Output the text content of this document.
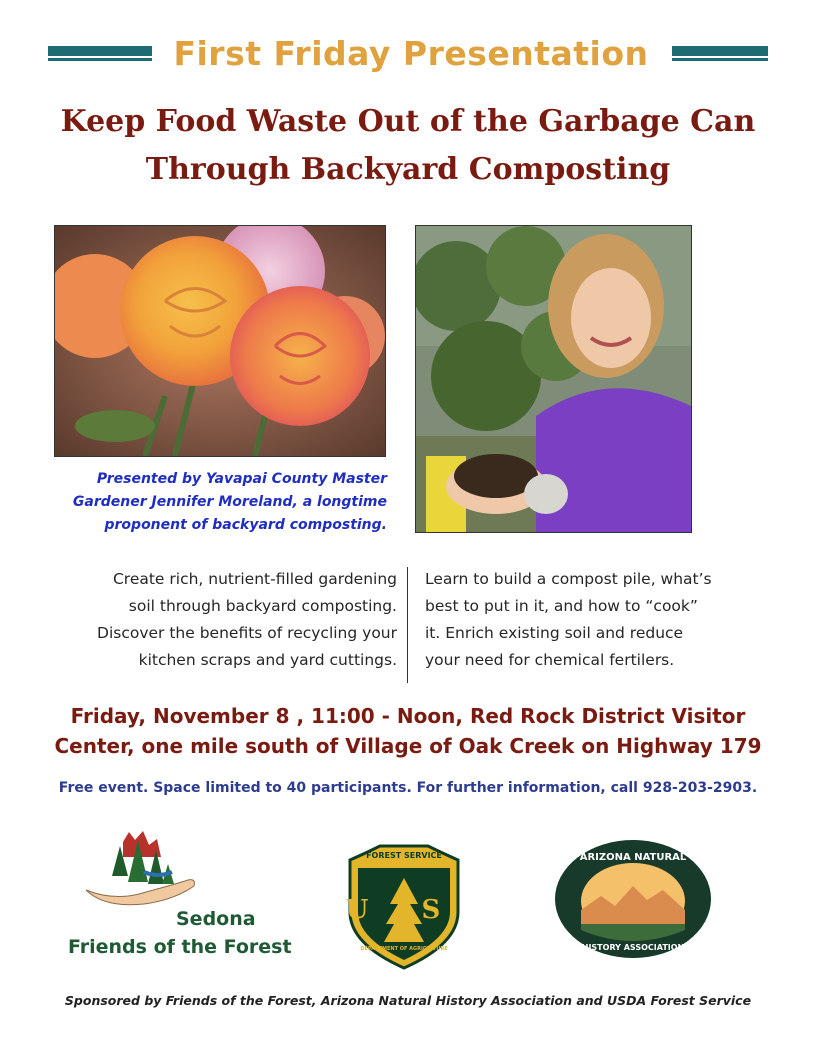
First Friday Presentation
Keep Food Waste Out of the Garbage Can
Through Backyard Composting
Presented by Yavapai County Master
Gardener Jennifer Moreland, a longtime
proponent of backyard composting.
Create rich, nutrient-filled gardening
soil through backyard composting.
Discover the benefits of recycling your
kitchen scraps and yard cuttings.
Learn to build a compost pile, what’s
best to put in it, and how to “cook”
it. Enrich existing soil and reduce
your need for chemical fertilers.
Friday, November 8 , 11:00 - Noon, Red Rock District Visitor
Center, one mile south of Village of Oak Creek on Highway 179
Free event. Space limited to 40 participants. For further information, call 928-203-2903.
Sedona
Friends of the Forest
FOREST SERVICE
U S
DEPARTMENT OF AGRICULTURE
ARIZONA NATURAL
HISTORY ASSOCIATION
Sponsored by Friends of the Forest, Arizona Natural History Association and USDA Forest Service
